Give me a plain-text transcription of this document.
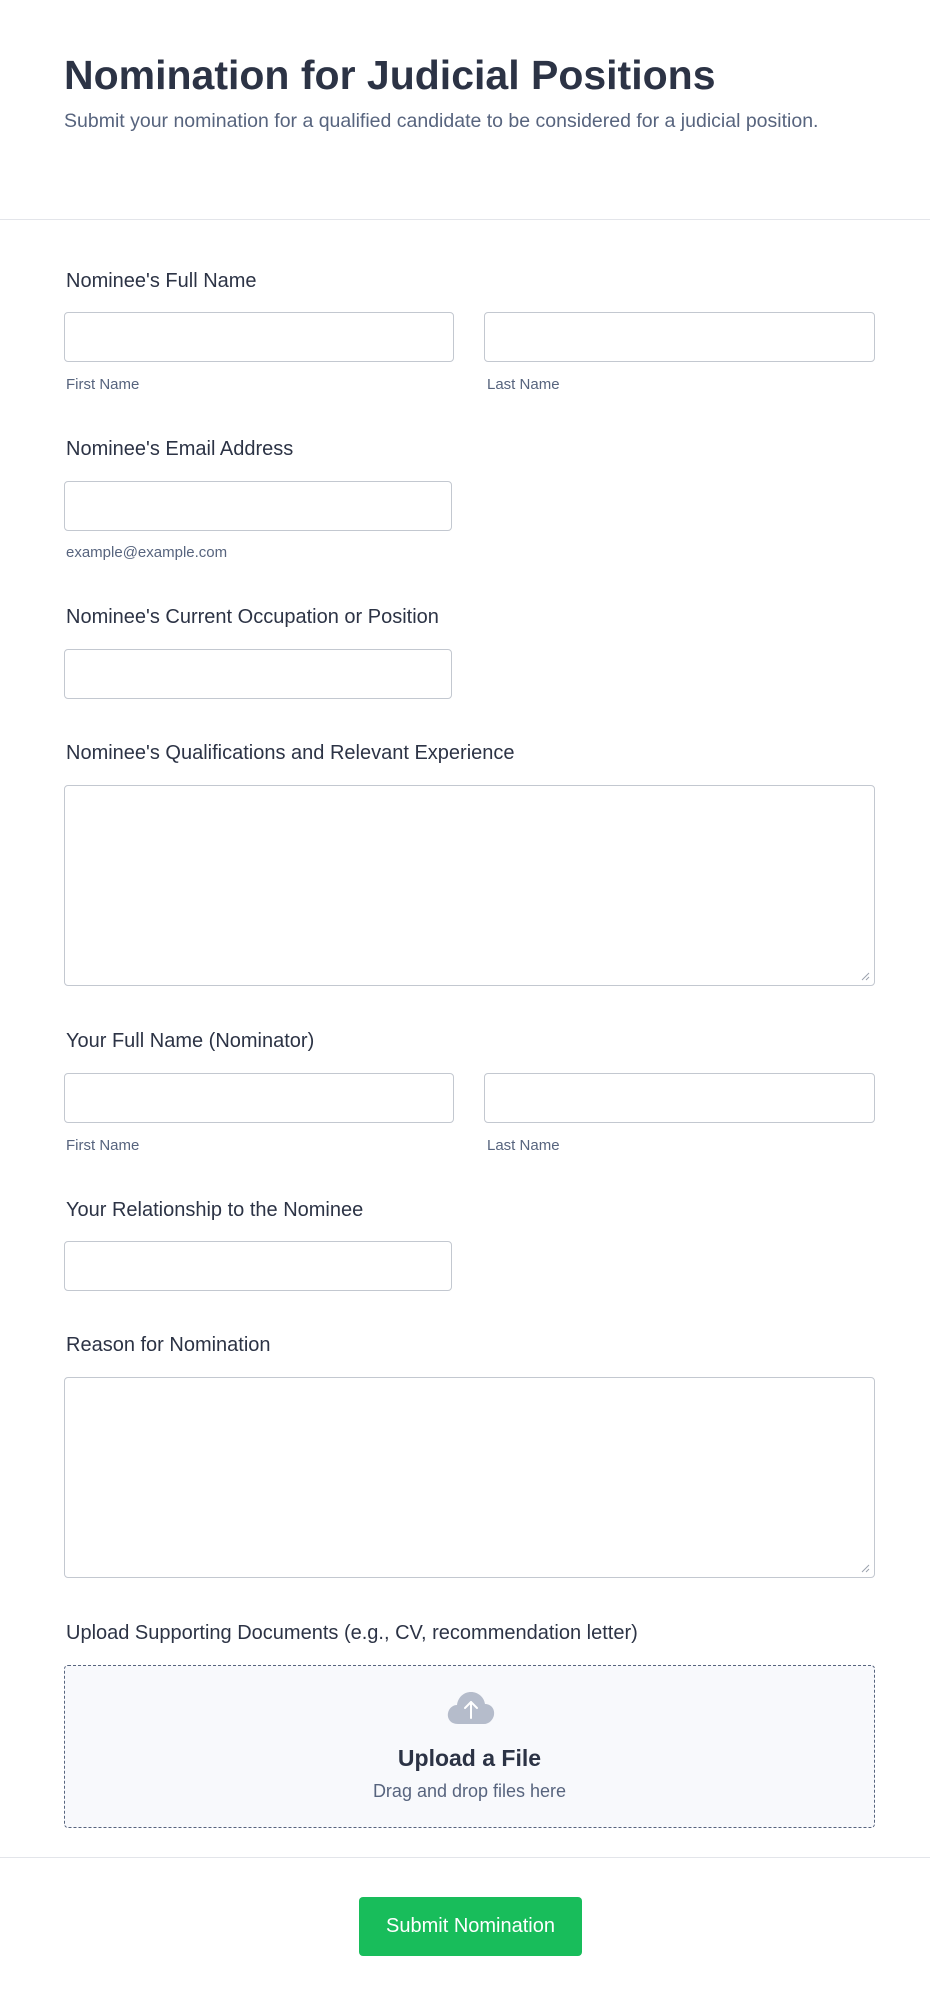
Nomination for Judicial Positions

Submit your nomination for a qualified candidate to be considered for a judicial position.

Nominee's Full Name

First Name	Last Name

Nominee's Email Address

example@example.com

Nominee's Current Occupation or Position

Nominee's Qualifications and Relevant Experience

Your Full Name (Nominator)

First Name	Last Name

Your Relationship to the Nominee

Reason for Nomination

Upload Supporting Documents (e.g., CV, recommendation letter)

Upload a File

Drag and drop files here

Submit Nomination
